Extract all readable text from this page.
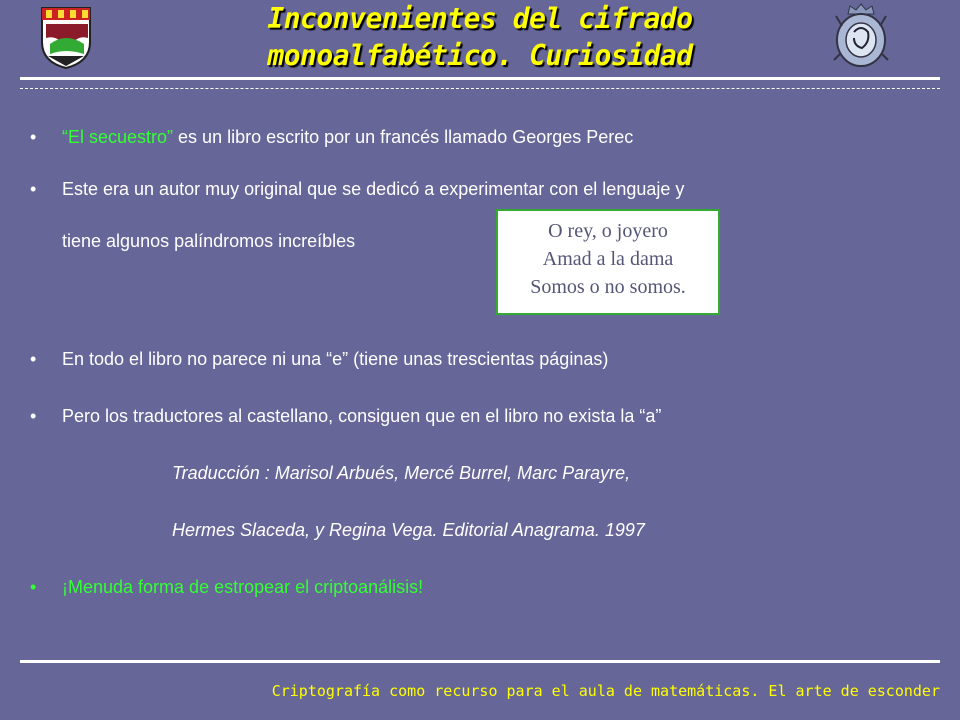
Inconvenientes del cifrado
monoalfabético. Curiosidad
• “El secuestro” es un libro escrito por un francés llamado Georges Perec
• Este era un autor muy original que se dedicó a experimentar con el lenguaje y
tiene algunos palíndromos increíbles	O rey, o joyero
Amad a la dama
Somos o no somos.
• En todo el libro no parece ni una “e” (tiene unas trescientas páginas)
• Pero los traductores al castellano, consiguen que en el libro no exista la “a”
Traducción : Marisol Arbués, Mercé Burrel, Marc Parayre,
Hermes Slaceda, y Regina Vega. Editorial Anagrama. 1997
• ¡Menuda forma de estropear el criptoanálisis!
Criptografía como recurso para el aula de matemáticas. El arte de esconder
